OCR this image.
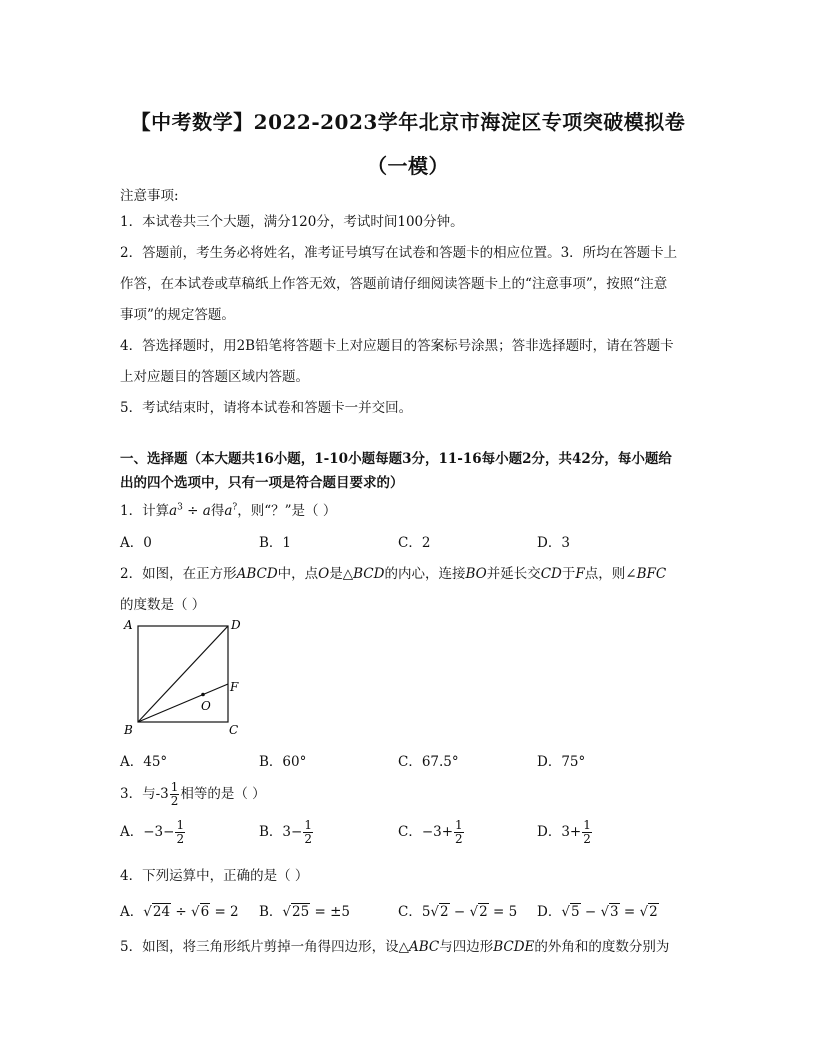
【中考数学】2022-2023学年北京市海淀区专项突破模拟卷
（一模）
注意事项:
1．本试卷共三个大题，满分120分，考试时间100分钟。
2．答题前，考生务必将姓名，准考证号填写在试卷和答题卡的相应位置。3．所均在答题卡上
作答，在本试卷或草稿纸上作答无效，答题前请仔细阅读答题卡上的“注意事项”，按照“注意
事项”的规定答题。
4．答选择题时，用2B铅笔将答题卡上对应题目的答案标号涂黑；答非选择题时，请在答题卡
上对应题目的答题区域内答题。
5．考试结束时，请将本试卷和答题卡一并交回。
一、选择题（本大题共16小题，1-10小题每题3分，11-16每小题2分，共42分，每小题给
出的四个选项中，只有一项是符合题目要求的）
1．计算$a^3 \div a$得a?，则“？”是（ ）
A．0	B．1	C．2	D．3
2．如图，在正方形ABCD中，点O是△BCD的内心，连接BO并延长交CD于F点，则∠BFC
的度数是（ ）
A	D
F
O
B	C
A．45°	B．60°	C．67.5°	D．75°
3．与$-3 \frac{1}{2}$ 相等的是（ ）
A．$-3- \frac{1}{2}$	B．$3- \frac{1}{2}$	C．$-3+ \frac{1}{2}$	D．$3+ \frac{1}{2}$
4．下列运算中，正确的是（ ）
A．√24 ÷ √6 = 2 B．√25 = ±5	C．5√2 − √2 = 5 D．√5 − √3 = √2
5．如图，将三角形纸片剪掉一角得四边形，设△ABC与四边形BCDE的外角和的度数分别为
